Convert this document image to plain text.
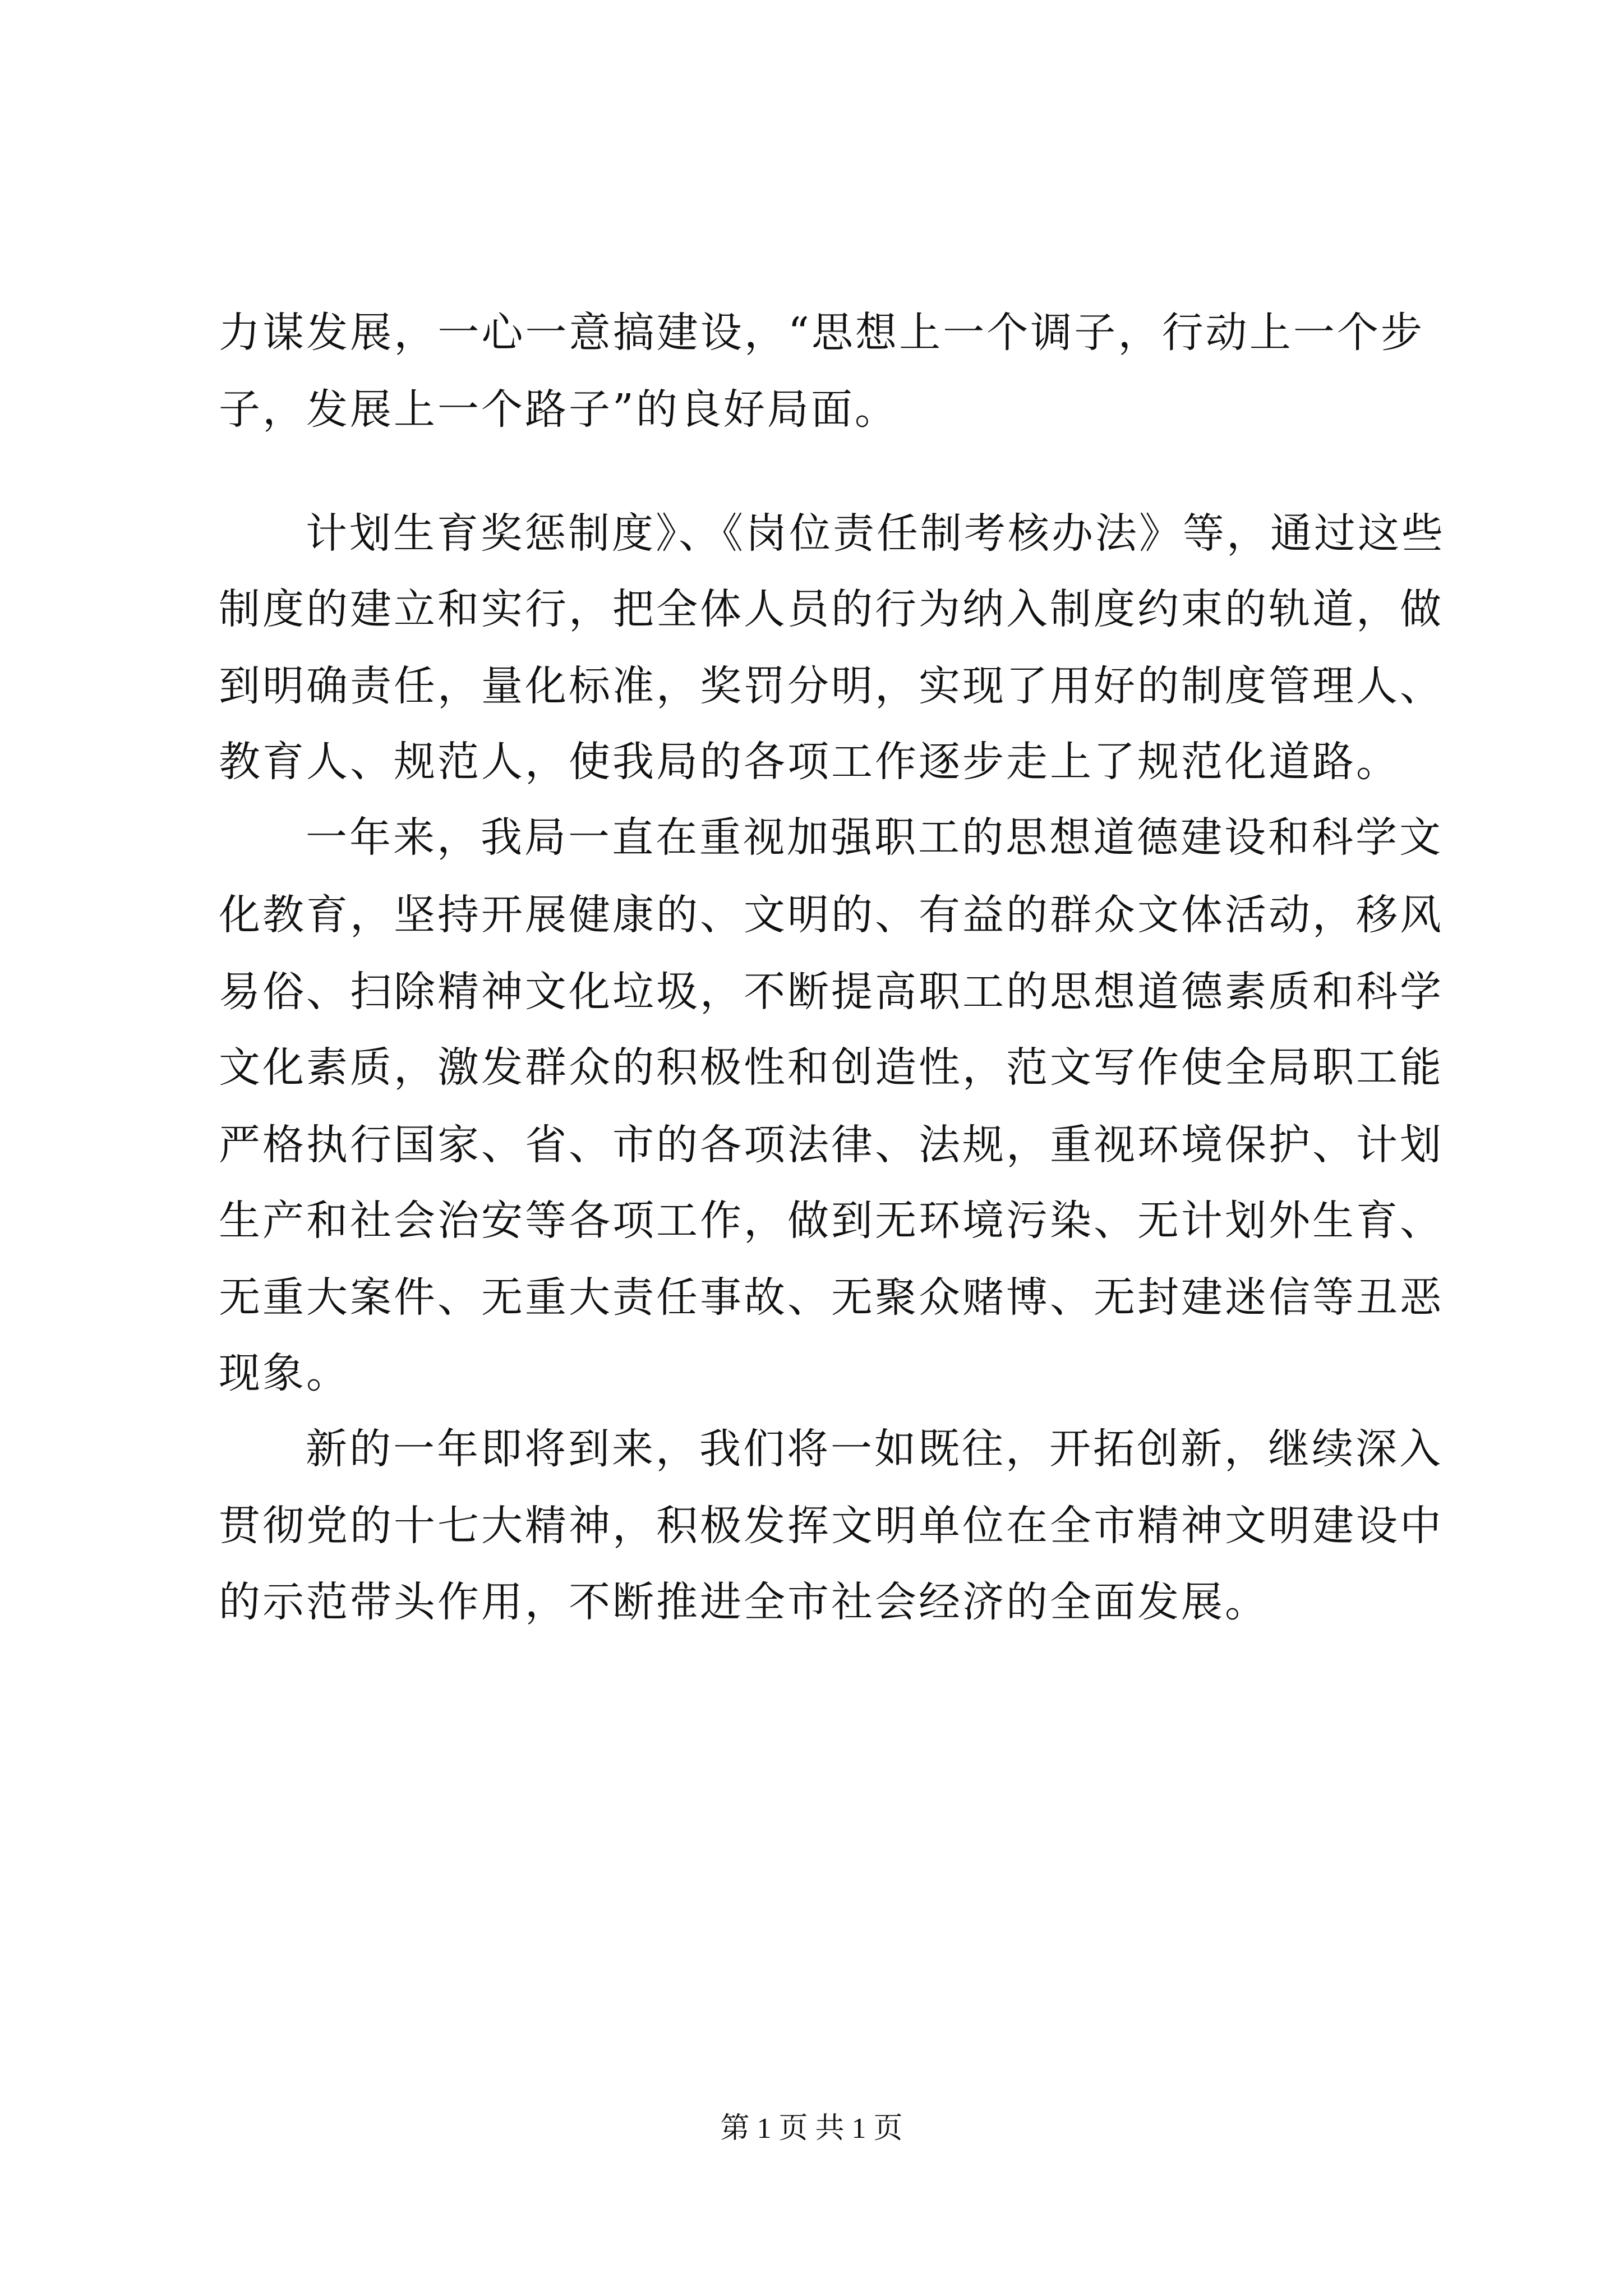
力谋发展，一心一意搞建设，“思想上一个调子，行动上一个步
子，发展上一个路子”的良好局面。
计划生育奖惩制度》、《岗位责任制考核办法》等，通过这些
制度的建立和实行，把全体人员的行为纳入制度约束的轨道，做
到明确责任，量化标准，奖罚分明，实现了用好的制度管理人、
教育人、规范人，使我局的各项工作逐步走上了规范化道路。
一年来，我局一直在重视加强职工的思想道德建设和科学文
化教育，坚持开展健康的、文明的、有益的群众文体活动，移风
易俗、扫除精神文化垃圾，不断提高职工的思想道德素质和科学
文化素质，激发群众的积极性和创造性，范文写作使全局职工能
严格执行国家、省、市的各项法律、法规，重视环境保护、计划
生产和社会治安等各项工作，做到无环境污染、无计划外生育、
无重大案件、无重大责任事故、无聚众赌博、无封建迷信等丑恶
现象。
新的一年即将到来，我们将一如既往，开拓创新，继续深入
贯彻党的十七大精神，积极发挥文明单位在全市精神文明建设中
的示范带头作用，不断推进全市社会经济的全面发展。
第 1 页 共 1 页
